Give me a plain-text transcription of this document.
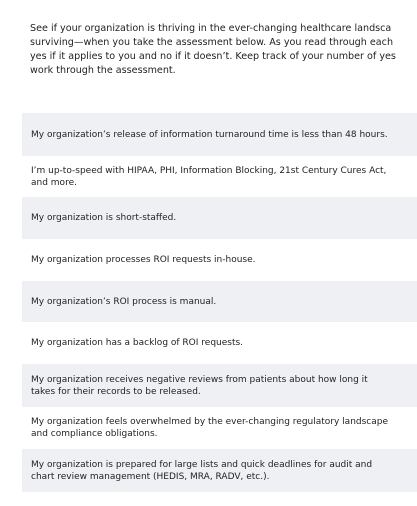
See if your organization is thriving in the ever-changing healthcare landsca
surviving—when you take the assessment below. As you read through each
yes if it applies to you and no if it doesn’t. Keep track of your number of yes
work through the assessment.

My organization’s release of information turnaround time is less than 48 hours.
I’m up-to-speed with HIPAA, PHI, Information Blocking, 21st Century Cures Act, and more.
My organization is short-staffed.
My organization processes ROI requests in-house.
My organization’s ROI process is manual.
My organization has a backlog of ROI requests.
My organization receives negative reviews from patients about how long it takes for their records to be released.
My organization feels overwhelmed by the ever-changing regulatory landscape and compliance obligations.
My organization is prepared for large lists and quick deadlines for audit and chart review management (HEDIS, MRA, RADV, etc.).
